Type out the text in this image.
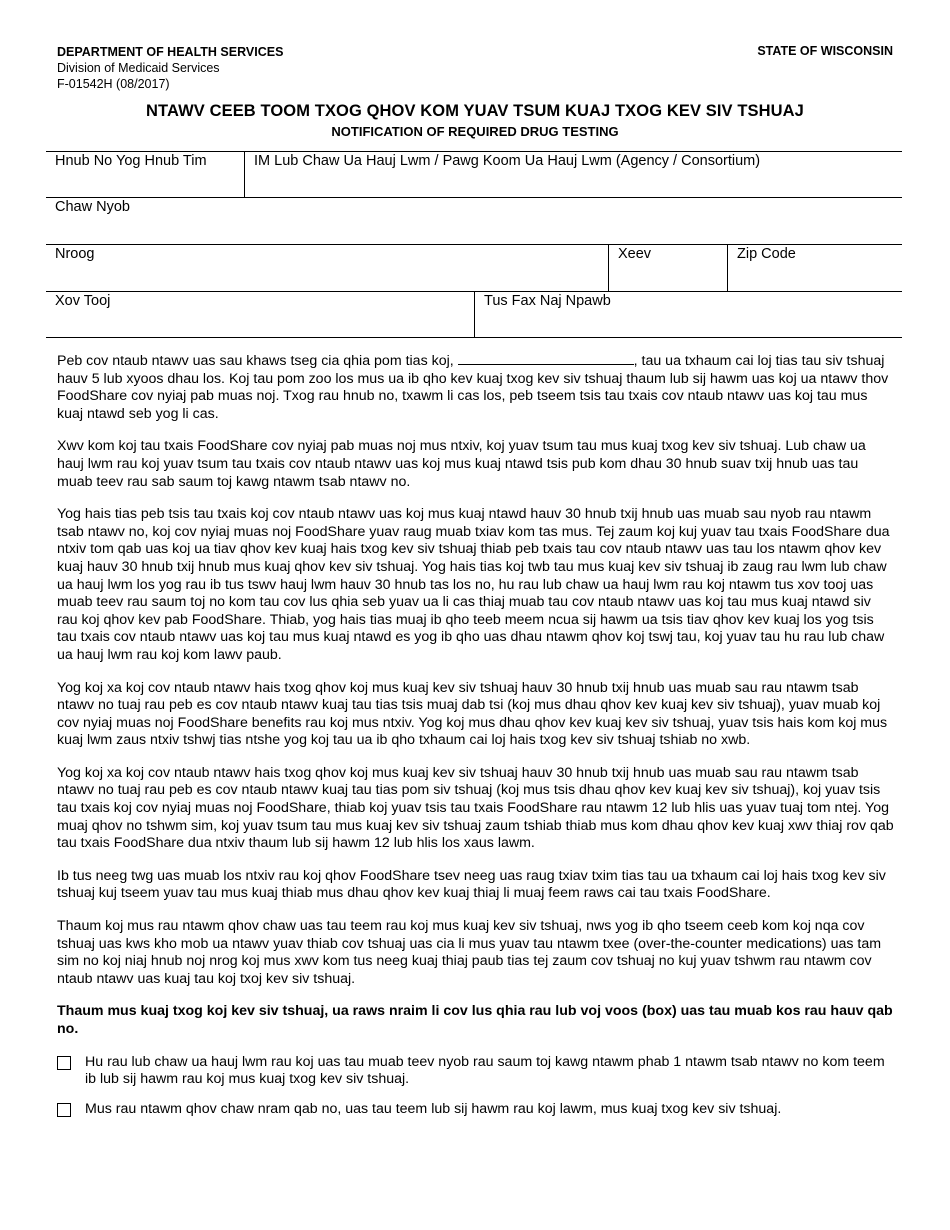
DEPARTMENT OF HEALTH SERVICES
Division of Medicaid Services
F-01542H (08/2017)
STATE OF WISCONSIN
NTAWV CEEB TOOM TXOG QHOV KOM YUAV TSUM KUAJ TXOG KEV SIV TSHUAJ
NOTIFICATION OF REQUIRED DRUG TESTING
Hnub No Yog Hnub Tim	IM Lub Chaw Ua Hauj Lwm / Pawg Koom Ua Hauj Lwm (Agency / Consortium)
Chaw Nyob
Nroog	Xeev	Zip Code
Xov Tooj	Tus Fax Naj Npawb

Peb cov ntaub ntawv uas sau khaws tseg cia qhia pom tias koj,	, tau ua txhaum cai loj tias tau siv tshuaj hauv 5 lub xyoos dhau los. Koj tau pom zoo los mus ua ib qho kev kuaj txog kev siv tshuaj thaum lub sij hawm uas koj ua ntawv thov FoodShare cov nyiaj pab muas noj. Txog rau hnub no, txawm li cas los, peb tseem tsis tau txais cov ntaub ntawv uas koj tau mus kuaj ntawd seb yog li cas.

Xwv kom koj tau txais FoodShare cov nyiaj pab muas noj mus ntxiv, koj yuav tsum tau mus kuaj txog kev siv tshuaj. Lub chaw ua hauj lwm rau koj yuav tsum tau txais cov ntaub ntawv uas koj mus kuaj ntawd tsis pub kom dhau 30 hnub suav txij hnub uas tau muab teev rau sab saum toj kawg ntawm tsab ntawv no.

Yog hais tias peb tsis tau txais koj cov ntaub ntawv uas koj mus kuaj ntawd hauv 30 hnub txij hnub uas muab sau nyob rau ntawm tsab ntawv no, koj cov nyiaj muas noj FoodShare yuav raug muab txiav kom tas mus. Tej zaum koj kuj yuav tau txais FoodShare dua ntxiv tom qab uas koj ua tiav qhov kev kuaj hais txog kev siv tshuaj thiab peb txais tau cov ntaub ntawv uas tau los ntawm qhov kev kuaj hauv 30 hnub txij hnub mus kuaj qhov kev siv tshuaj. Yog hais tias koj twb tau mus kuaj kev siv tshuaj ib zaug rau lwm lub chaw ua hauj lwm los yog rau ib tus tswv hauj lwm hauv 30 hnub tas los no, hu rau lub chaw ua hauj lwm rau koj ntawm tus xov tooj uas muab teev rau saum toj no kom tau cov lus qhia seb yuav ua li cas thiaj muab tau cov ntaub ntawv uas koj tau mus kuaj ntawd siv rau koj qhov kev pab FoodShare. Thiab, yog hais tias muaj ib qho teeb meem ncua sij hawm ua tsis tiav qhov kev kuaj los yog tsis tau txais cov ntaub ntawv uas koj tau mus kuaj ntawd es yog ib qho uas dhau ntawm qhov koj tswj tau, koj yuav tau hu rau lub chaw ua hauj lwm rau koj kom lawv paub.

Yog koj xa koj cov ntaub ntawv hais txog qhov koj mus kuaj kev siv tshuaj hauv 30 hnub txij hnub uas muab sau rau ntawm tsab ntawv no tuaj rau peb es cov ntaub ntawv kuaj tau tias tsis muaj dab tsi (koj mus dhau qhov kev kuaj kev siv tshuaj), yuav muab koj cov nyiaj muas noj FoodShare benefits rau koj mus ntxiv. Yog koj mus dhau qhov kev kuaj kev siv tshuaj, yuav tsis hais kom koj mus kuaj lwm zaus ntxiv tshwj tias ntshe yog koj tau ua ib qho txhaum cai loj hais txog kev siv tshuaj tshiab no xwb.

Yog koj xa koj cov ntaub ntawv hais txog qhov koj mus kuaj kev siv tshuaj hauv 30 hnub txij hnub uas muab sau rau ntawm tsab ntawv no tuaj rau peb es cov ntaub ntawv kuaj tau tias pom siv tshuaj (koj mus tsis dhau qhov kev kuaj kev siv tshuaj), koj yuav tsis tau txais koj cov nyiaj muas noj FoodShare, thiab koj yuav tsis tau txais FoodShare rau ntawm 12 lub hlis uas yuav tuaj tom ntej. Yog muaj qhov no tshwm sim, koj yuav tsum tau mus kuaj kev siv tshuaj zaum tshiab thiab mus kom dhau qhov kev kuaj xwv thiaj rov qab tau txais FoodShare dua ntxiv thaum lub sij hawm 12 lub hlis los xaus lawm.

Ib tus neeg twg uas muab los ntxiv rau koj qhov FoodShare tsev neeg uas raug txiav txim tias tau ua txhaum cai loj hais txog kev siv tshuaj kuj tseem yuav tau mus kuaj thiab mus dhau qhov kev kuaj thiaj li muaj feem raws cai tau txais FoodShare.

Thaum koj mus rau ntawm qhov chaw uas tau teem rau koj mus kuaj kev siv tshuaj, nws yog ib qho tseem ceeb kom koj nqa cov tshuaj uas kws kho mob ua ntawv yuav thiab cov tshuaj uas cia li mus yuav tau ntawm txee (over-the-counter medications) uas tam sim no koj niaj hnub noj nrog koj mus xwv kom tus neeg kuaj thiaj paub tias tej zaum cov tshuaj no kuj yuav tshwm rau ntawm cov ntaub ntawv uas kuaj tau koj txoj kev siv tshuaj.

Thaum mus kuaj txog koj kev siv tshuaj, ua raws nraim li cov lus qhia rau lub voj voos (box) uas tau muab kos rau hauv qab no.

Hu rau lub chaw ua hauj lwm rau koj uas tau muab teev nyob rau saum toj kawg ntawm phab 1 ntawm tsab ntawv no kom teem ib lub sij hawm rau koj mus kuaj txog kev siv tshuaj.
Mus rau ntawm qhov chaw nram qab no, uas tau teem lub sij hawm rau koj lawm, mus kuaj txog kev siv tshuaj.
